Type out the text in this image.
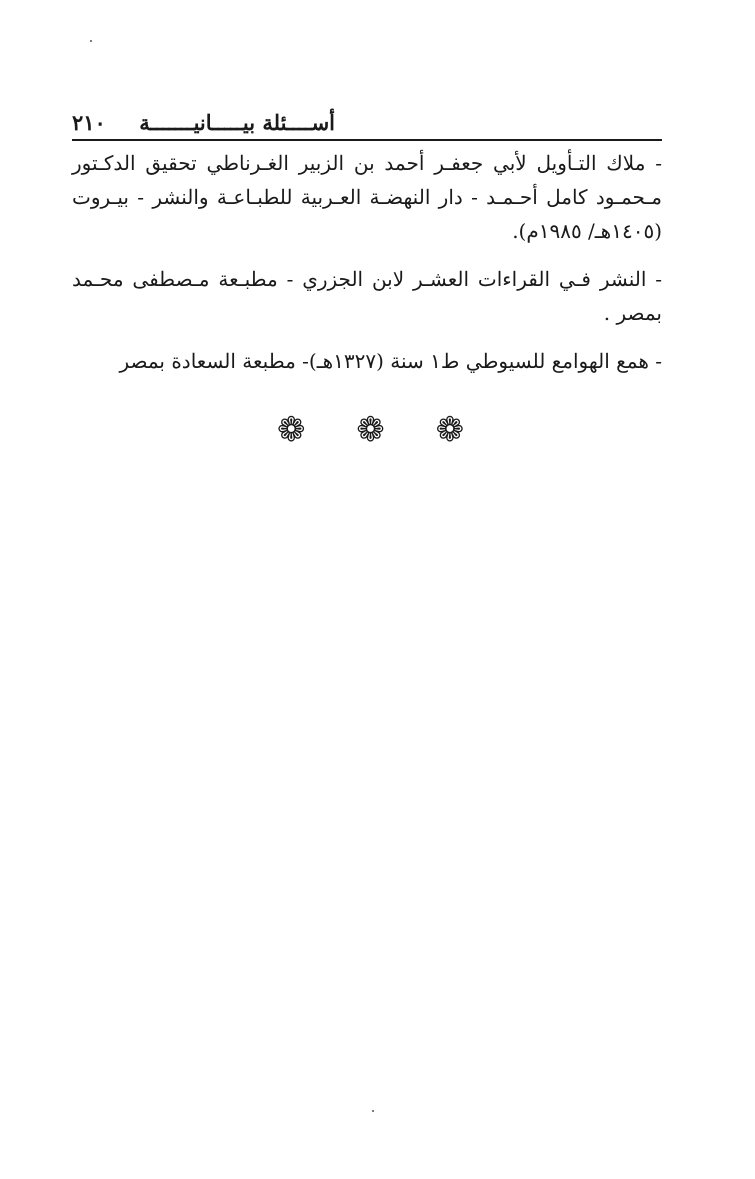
أســــئلة بيـــــانيـــــــة
٢١٠

- ملاك التـأويل لأبي جعفـر أحمد بن الزبير الغـرناطي تحقيق الدكـتور مـحمـود كامل أحـمـد - دار النهضـة العـربية للطبـاعـة والنشر - بيـروت (١٤٠٥هـ/ ١٩٨٥م).

- النشر فـي القراءات العشـر لابن الجزري - مطبـعة مـصطفى محـمد بمصر .

- همع الهوامع للسيوطي ط١ سنة (١٣٢٧هـ)- مطبعة السعادة بمصر

❁ ❁ ❁
